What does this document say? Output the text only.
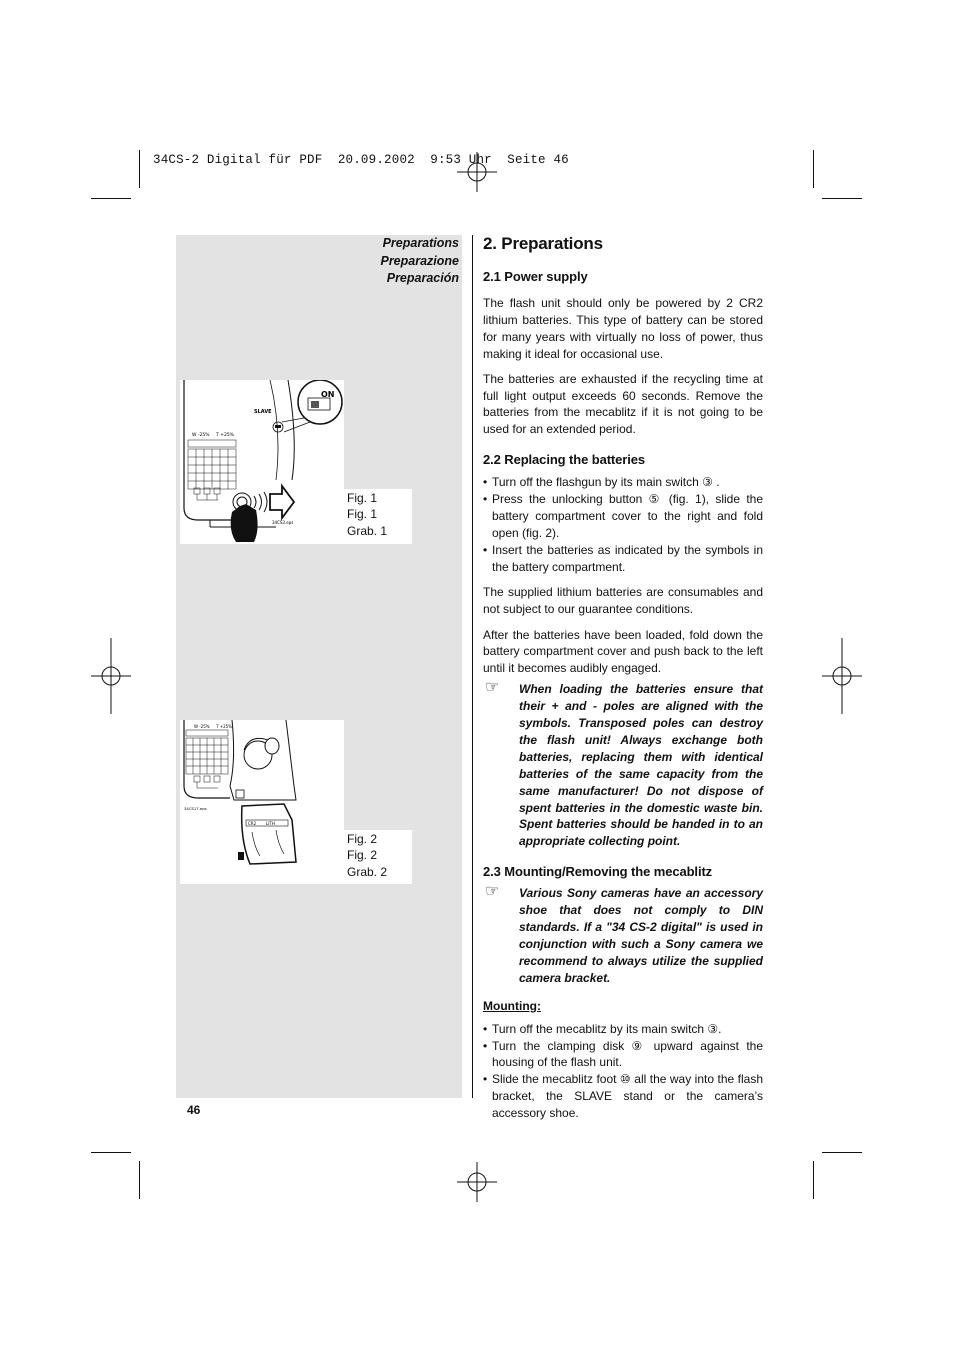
34CS-2 Digital für PDF  20.09.2002  9:53 Uhr  Seite 46
Preparations
Preparazione
Preparación
W -25% T +25%
34CS3.eps
SLAVE
ON
Fig. 1
Fig. 1
Grab. 1
W -25% T +25%
34CS17.eps
CR2 LITH
Fig. 2
Fig. 2
Grab. 2
2. Preparations
2.1 Power supply

The flash unit should only be powered by 2 CR2 lithium batteries. This type of battery can be stored for many years with virtually no loss of power, thus making it ideal for occasional use.

The batteries are exhausted if the recycling time at full light output exceeds 60 seconds. Remove the batteries from the mecablitz if it is not going to be used for an extended period.

2.2 Replacing the batteries
• Turn off the flashgun by its main switch ③ .
• Press the unlocking button ⑤ (fig. 1), slide the battery compartment cover to the right and fold open (fig. 2).
• Insert the batteries as indicated by the symbols in the battery compartment.

The supplied lithium batteries are consumables and not subject to our guarantee conditions.

After the batteries have been loaded, fold down the battery compartment cover and push back to the left until it becomes audibly engaged.

☞ When loading the batteries ensure that their + and - poles are aligned with the symbols. Transposed poles can destroy the flash unit! Always exchange both batteries, replacing them with identical batteries of the same capacity from the same manufacturer! Do not dispose of spent batteries in the domestic waste bin. Spent batteries should be handed in to an appropriate collecting point.
2.3 Mounting/Removing the mecablitz
☞ Various Sony cameras have an accessory shoe that does not comply to DIN standards. If a "34 CS-2 digital" is used in conjunction with such a Sony camera we recommend to always utilize the supplied camera bracket.
Mounting:
• Turn off the mecablitz by its main switch ③.
• Turn the clamping disk ⑨ upward against the housing of the flash unit.
• Slide the mecablitz foot ⑩ all the way into the flash bracket, the SLAVE stand or the camera’s accessory shoe.
46
